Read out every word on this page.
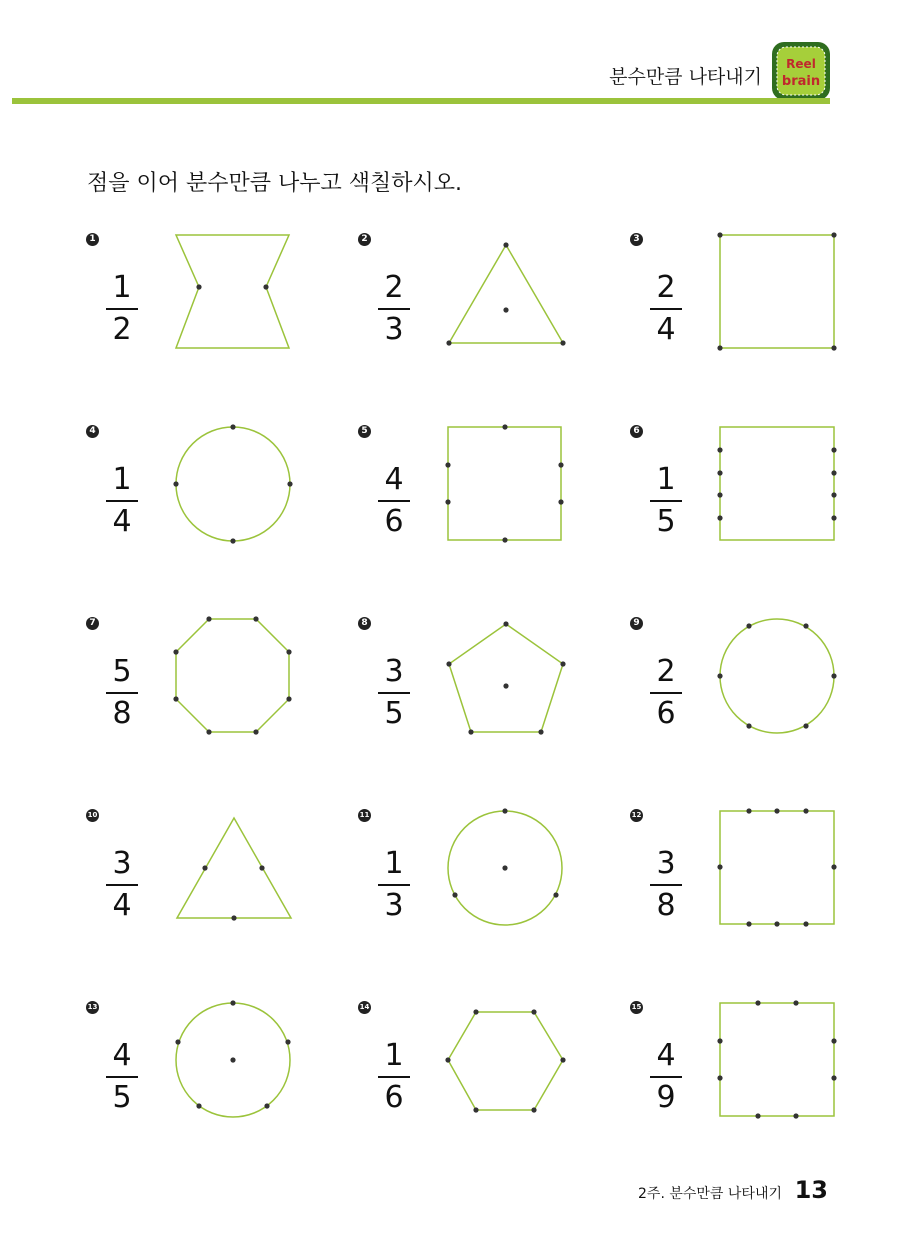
분수만큼 나타내기
Reel
brain
점을 이어 분수만큼 나누고 색칠하시오.
1
1
2
2
2
3
3
2
4
4
1
4
5
4
6
6
1
5
7
5
8
8
3
5
9
2
6
10
3
4
11
1
3
12
3
8
13
4
5
14
1
6
15
4
9
2주. 분수만큼 나타내기 13
